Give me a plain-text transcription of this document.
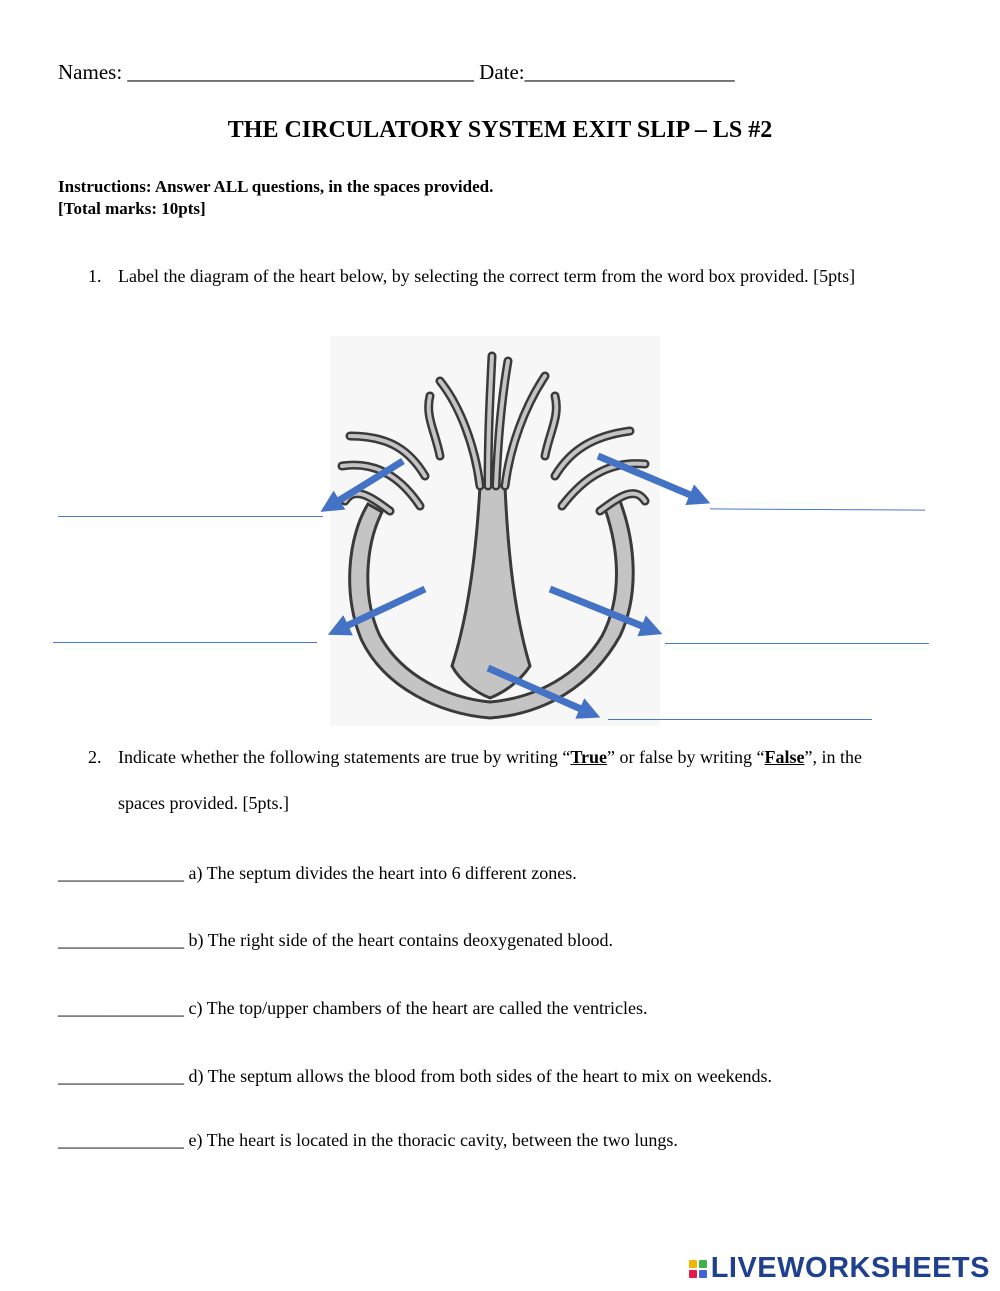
Names: _________________________________ Date:____________________
THE CIRCULATORY SYSTEM EXIT SLIP – LS #2
Instructions: Answer ALL questions, in the spaces provided.
[Total marks: 10pts]
1. Label the diagram of the heart below, by selecting the correct term from the word box provided. [5pts]
2. Indicate whether the following statements are true by writing “True” or false by writing “False”, in the
spaces provided. [5pts.]
______________ a) The septum divides the heart into 6 different zones.
______________ b) The right side of the heart contains deoxygenated blood.
______________ c) The top/upper chambers of the heart are called the ventricles.
______________ d) The septum allows the blood from both sides of the heart to mix on weekends.
______________ e) The heart is located in the thoracic cavity, between the two lungs.
LIVEWORKSHEETS
